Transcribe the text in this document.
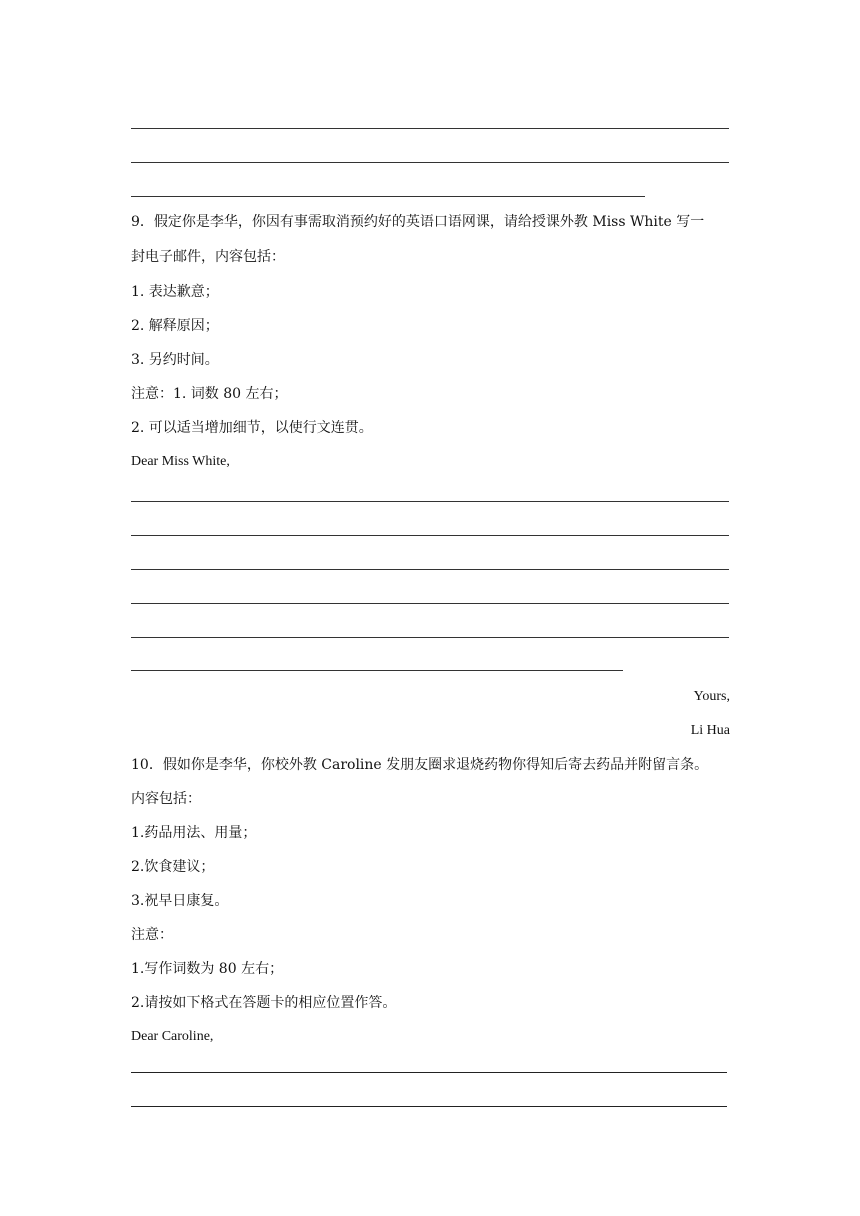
9．假定你是李华，你因有事需取消预约好的英语口语网课，请给授课外教 Miss White 写一
封电子邮件，内容包括：
1. 表达歉意；
2. 解释原因；
3. 另约时间。
注意：1. 词数 80 左右；
2. 可以适当增加细节，以使行文连贯。
Dear Miss White,
Yours,
Li Hua
10．假如你是李华，你校外教 Caroline 发朋友圈求退烧药物你得知后寄去药品并附留言条。
内容包括：
1.药品用法、用量；
2.饮食建议；
3.祝早日康复。
注意：
1.写作词数为 80 左右；
2.请按如下格式在答题卡的相应位置作答。
Dear Caroline,
